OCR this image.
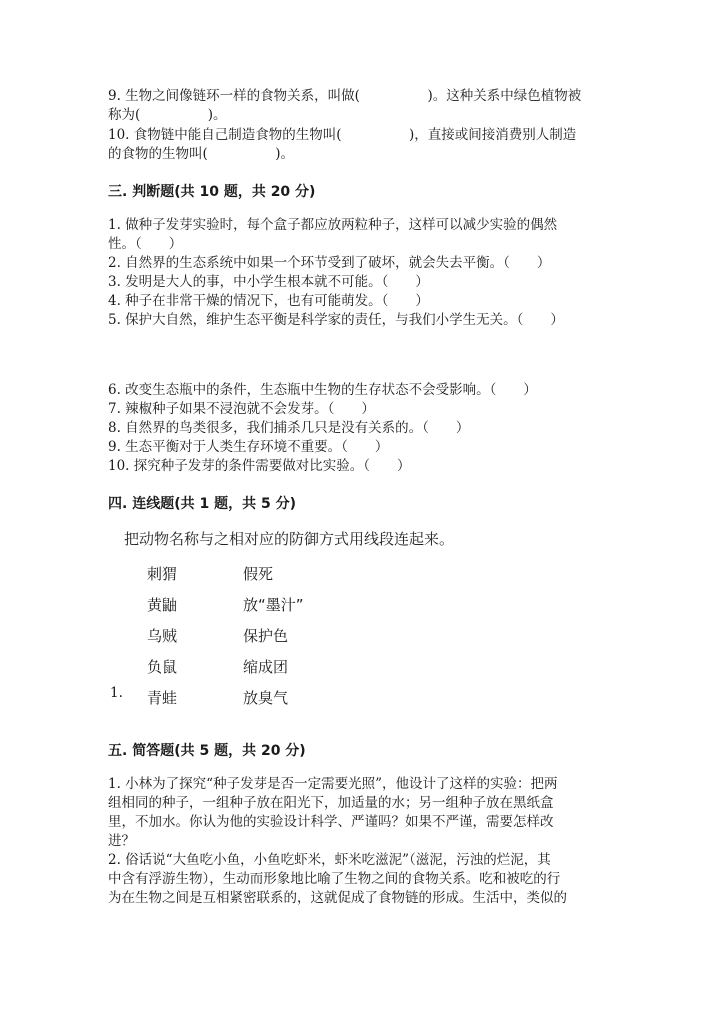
9. 生物之间像链环一样的食物关系，叫做(　　　　　)。这种关系中绿色植物被
称为(　　　　　)。
10. 食物链中能自己制造食物的生物叫(　　　　　)，直接或间接消费别人制造
的食物的生物叫(　　　　　)。
三. 判断题(共 10 题，共 20 分)
1. 做种子发芽实验时，每个盒子都应放两粒种子，这样可以减少实验的偶然
性。（　　）
2. 自然界的生态系统中如果一个环节受到了破坏，就会失去平衡。（　　）
3. 发明是大人的事，中小学生根本就不可能。（　　）
4. 种子在非常干燥的情况下，也有可能萌发。（　　）
5. 保护大自然，维护生态平衡是科学家的责任，与我们小学生无关。（　　）
6. 改变生态瓶中的条件，生态瓶中生物的生存状态不会受影响。（　　）
7. 辣椒种子如果不浸泡就不会发芽。（　　）
8. 自然界的鸟类很多，我们捕杀几只是没有关系的。（　　）
9. 生态平衡对于人类生存环境不重要。（　　）
10. 探究种子发芽的条件需要做对比实验。（　　）
四. 连线题(共 1 题，共 5 分)
把动物名称与之相对应的防御方式用线段连起来。
刺猬
黄鼬
乌贼
负鼠
青蛙
假死
放“墨汁”
保护色
缩成团
放臭气
1.
五. 简答题(共 5 题，共 20 分)
1. 小林为了探究“种子发芽是否一定需要光照”，他设计了这样的实验：把两
组相同的种子，一组种子放在阳光下，加适量的水；另一组种子放在黑纸盒
里，不加水。你认为他的实验设计科学、严谨吗？如果不严谨，需要怎样改
进？
2. 俗话说“大鱼吃小鱼，小鱼吃虾米，虾米吃滋泥”（滋泥，污浊的烂泥，其
中含有浮游生物），生动而形象地比喻了生物之间的食物关系。吃和被吃的行
为在生物之间是互相紧密联系的，这就促成了食物链的形成。生活中，类似的
